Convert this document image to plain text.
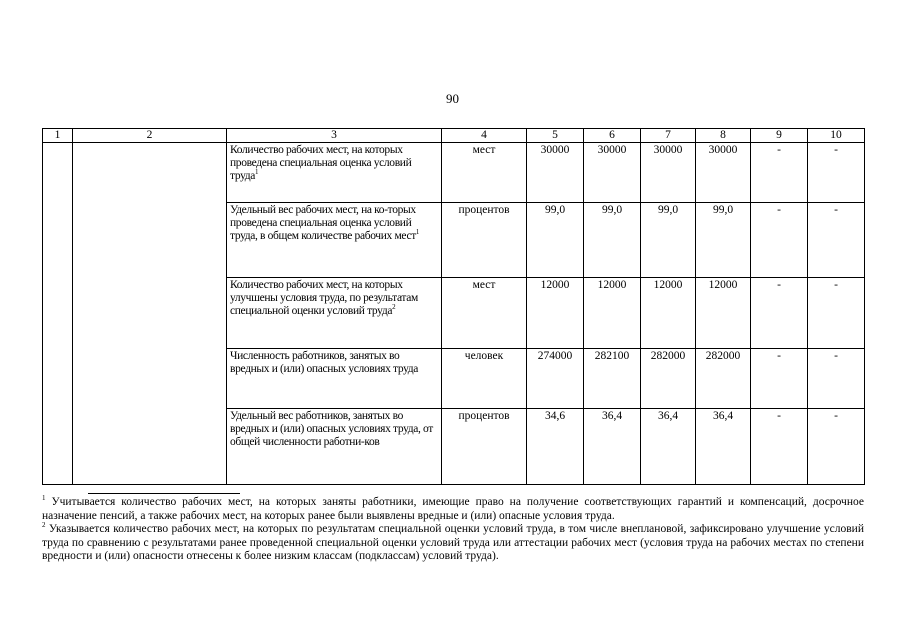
90
1	2	3	4	5	6	7	8	9	10
		Количество рабочих мест, на которых проведена специальная оценка условий труда$^1$	мест	30000	30000	30000	30000	-	-
		Удельный вес рабочих мест, на ко-торых проведена специальная оценка условий труда, в общем количестве рабочих мест$^1$	процентов	99,0	99,0	99,0	99,0	-	-
		Количество рабочих мест, на которых улучшены условия труда, по результатам специальной оценки условий труда$^2$	мест	12000	12000	12000	12000	-	-
		Численность работников, занятых во вредных и (или) опасных условиях труда	человек	274000	282100	282000	282000	-	-
		Удельный вес работников, занятых во вредных и (или) опасных условиях труда, от общей численности работни-ков	процентов	34,6	36,4	36,4	36,4	-	-

$^1$ Учитывается количество рабочих мест, на которых заняты работники, имеющие право на получение соответствующих гарантий и компенсаций, досрочное назначение пенсий, а также рабочих мест, на которых ранее были выявлены вредные и (или) опасные условия труда.

$^2$ Указывается количество рабочих мест, на которых по результатам специальной оценки условий труда, в том числе внеплановой, зафиксировано улучшение условий труда по сравнению с результатами ранее проведенной специальной оценки условий труда или аттестации рабочих мест (условия труда на рабочих местах по степени вредности и (или) опасности отнесены к более низким классам (подклассам) условий труда).
